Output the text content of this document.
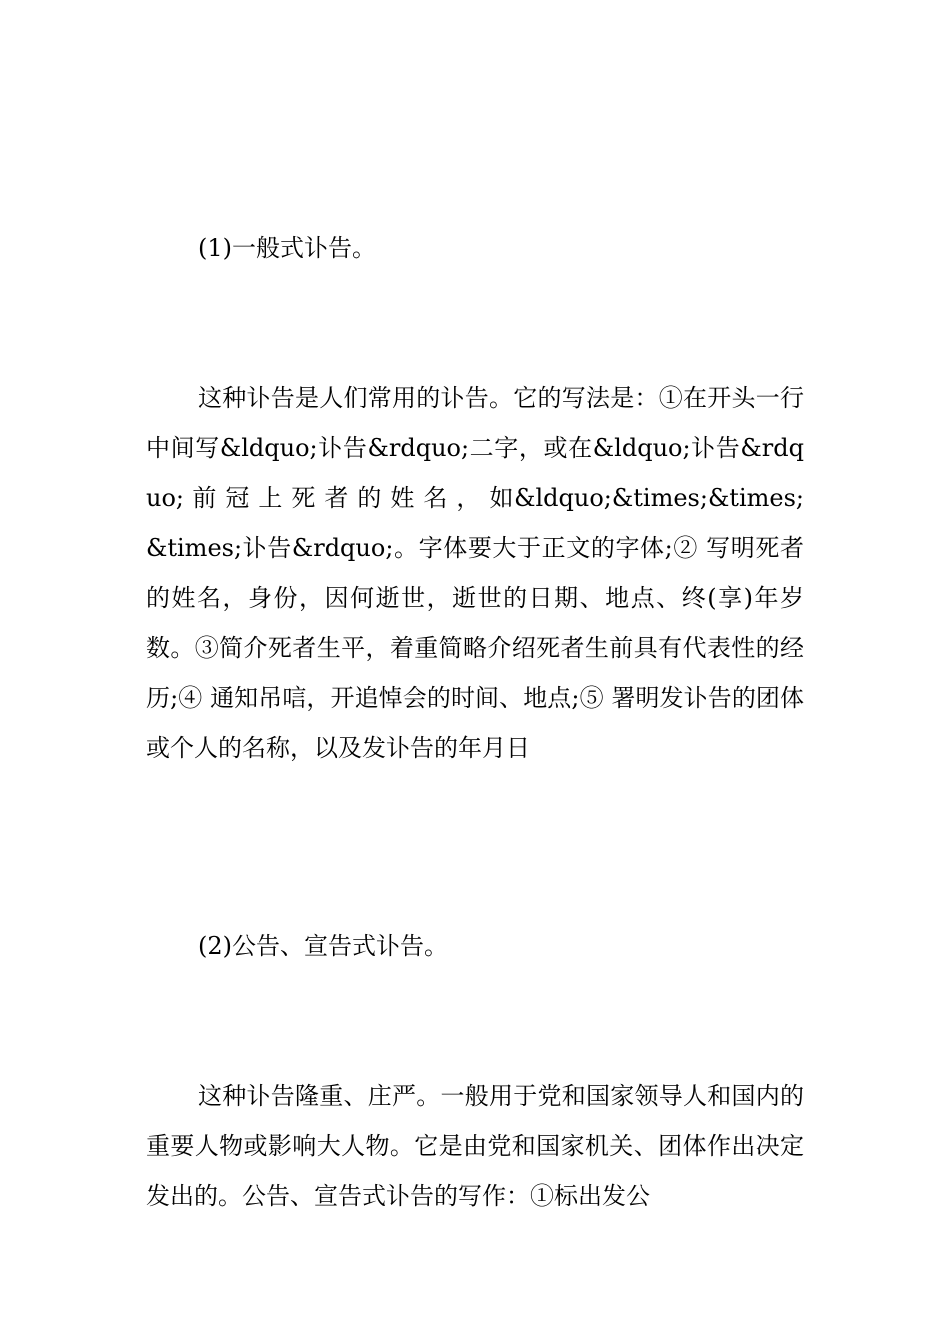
(1)一般式讣告。

这种讣告是人们常用的讣告。它的写法是：①在开头一行中间写&ldquo;讣告&rdquo;二字，或在&ldquo;讣告&rdquo; 前 冠 上 死 者 的 姓 名 ， 如&ldquo;&times;&times;&times;讣告&rdquo;。字体要大于正文的字体;② 写明死者的姓名，身份，因何逝世，逝世的日期、地点、终(享)年岁数。③简介死者生平，着重简略介绍死者生前具有代表性的经历;④ 通知吊唁，开追悼会的时间、地点;⑤ 署明发讣告的团体或个人的名称，以及发讣告的年月日

(2)公告、宣告式讣告。

这种讣告隆重、庄严。一般用于党和国家领导人和国内的重要人物或影响大人物。它是由党和国家机关、团体作出决定发出的。公告、宣告式讣告的写作：①标出发公
